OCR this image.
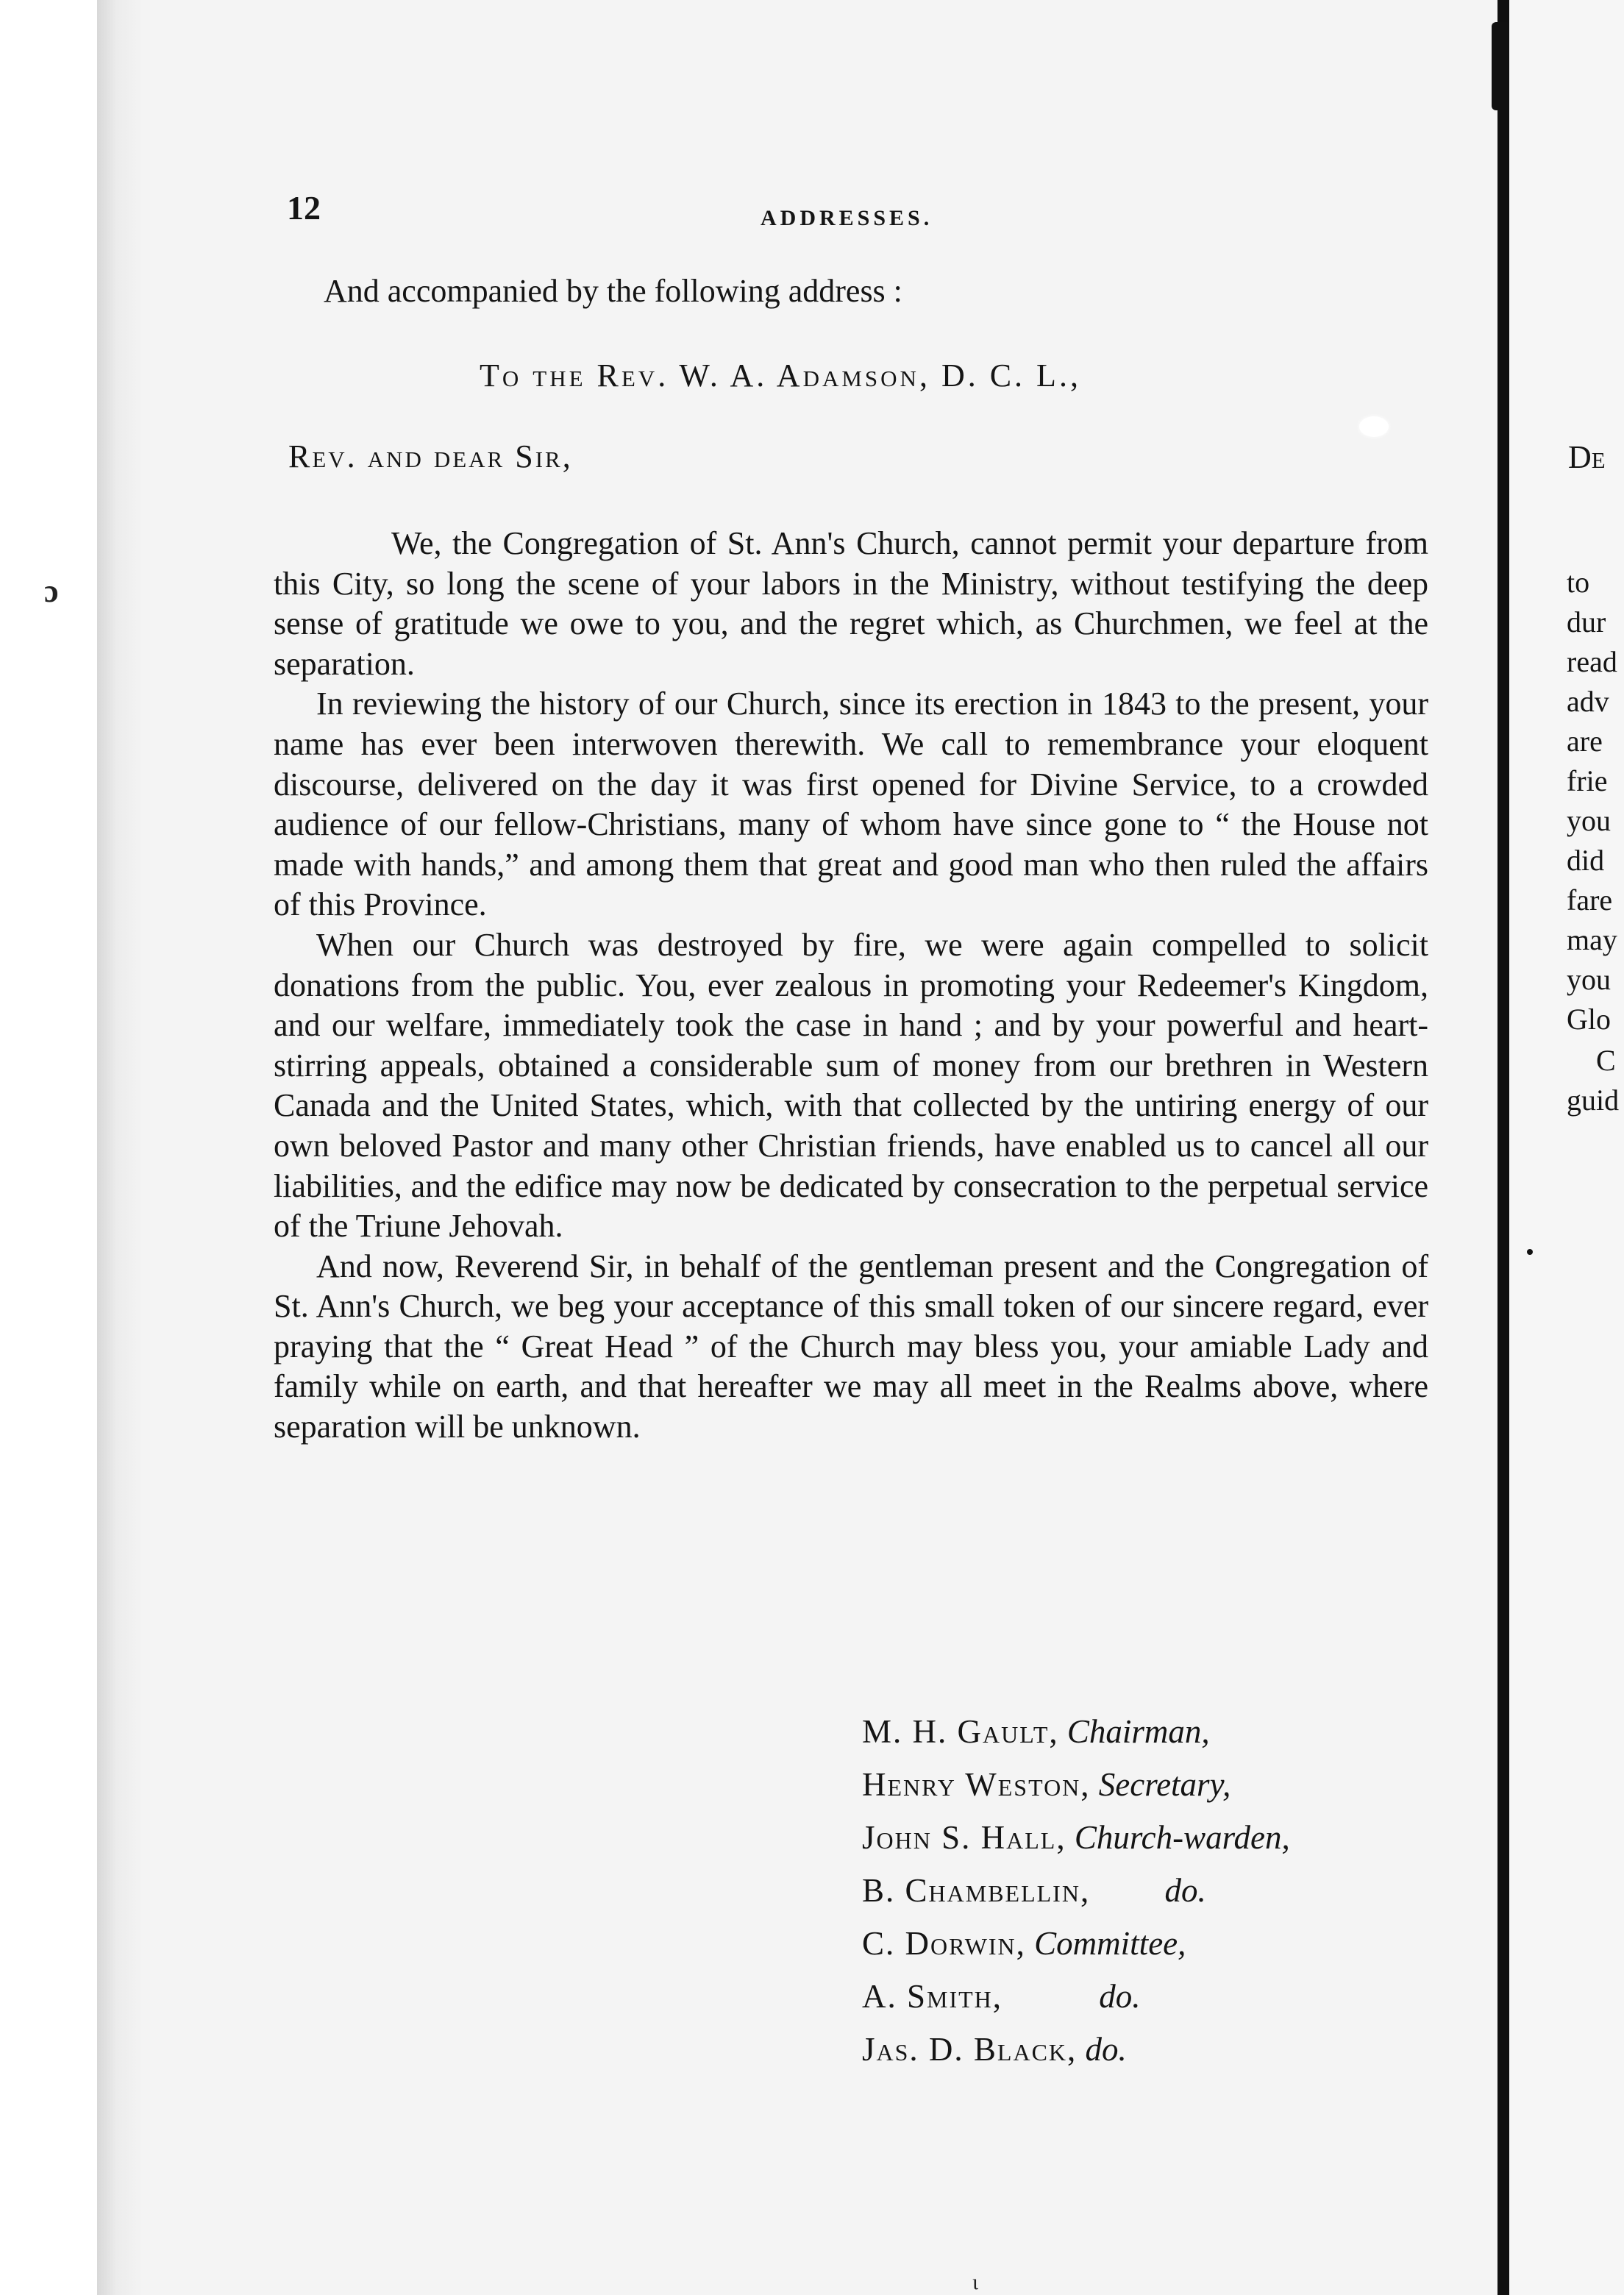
ɔ
ι
12	ADDRESSES.
And accompanied by the following address :
To the Rev. W. A. Adamson, D. C. L.,
Rev. and dear Sir,

We, the Congregation of St. Ann's Church, cannot permit your departure from this City, so long the scene of your labors in the Ministry, without testifying the deep sense of gratitude we owe to you, and the regret which, as Churchmen, we feel at the separation.

In reviewing the history of our Church, since its erection in 1843 to the present, your name has ever been interwoven therewith. We call to remembrance your eloquent discourse, delivered on the day it was first opened for Divine Service, to a crowded audience of our fellow-Christians, many of whom have since gone to “ the House not made with hands,” and among them that great and good man who then ruled the affairs of this Province.

When our Church was destroyed by fire, we were again compelled to solicit donations from the public. You, ever zealous in promoting your Redeemer's Kingdom, and our welfare, immediately took the case in hand ; and by your powerful and heart-stirring appeals, obtained a considerable sum of money from our brethren in Western Canada and the United States, which, with that collected by the untiring energy of our own beloved Pastor and many other Christian friends, have enabled us to cancel all our liabilities, and the edifice may now be dedicated by consecration to the perpetual service of the Triune Jehovah.

And now, Reverend Sir, in behalf of the gentleman present and the Congregation of St. Ann's Church, we beg your acceptance of this small token of our sincere regard, ever praying that the “ Great Head ” of the Church may bless you, your amiable Lady and family while on earth, and that hereafter we may all meet in the Realms above, where separation will be unknown.

M. H. Gault, Chairman,
Henry Weston, Secretary,
John S. Hall, Church-warden,
B. Chambellin, do.
C. Dorwin, Committee,
A. Smith,	do.
Jas. D. Black, do.
De
to
dur
read
adv
are
frie
you
did
fare
may
you
Glo
C
guid
